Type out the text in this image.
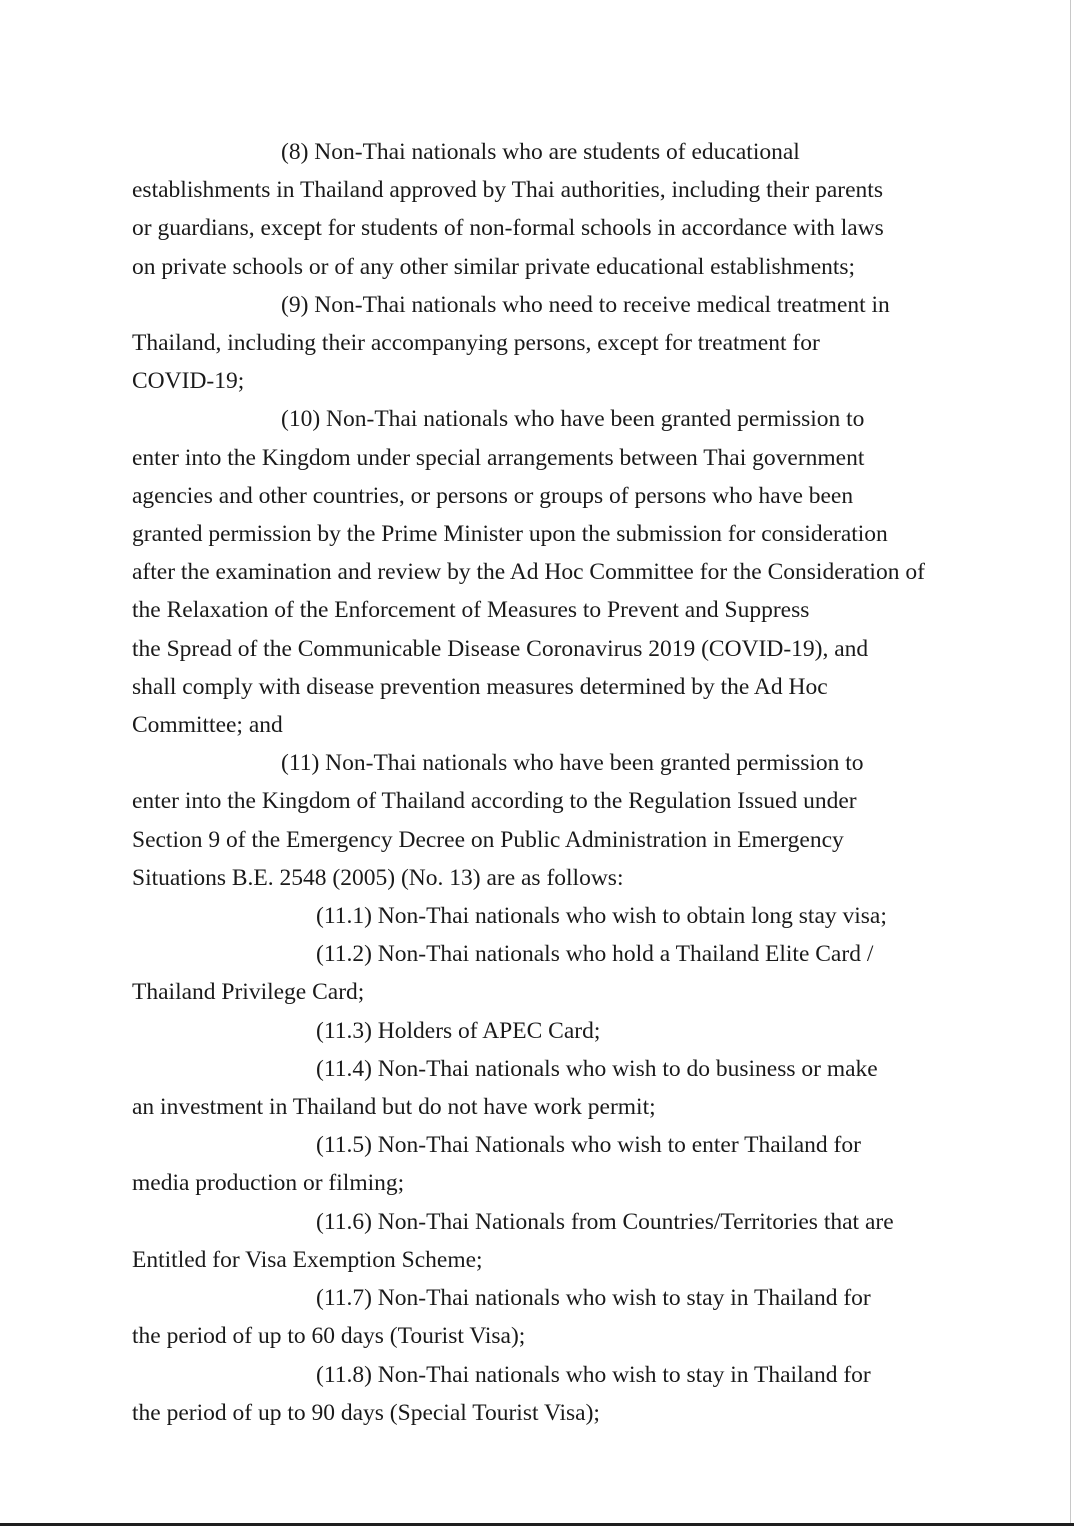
(8) Non-Thai nationals who are students of educational
establishments in Thailand approved by Thai authorities, including their parents
or guardians, except for students of non-formal schools in accordance with laws
on private schools or of any other similar private educational establishments;
(9) Non-Thai nationals who need to receive medical treatment in
Thailand, including their accompanying persons, except for treatment for
COVID-19;
(10) Non-Thai nationals who have been granted permission to
enter into the Kingdom under special arrangements between Thai government
agencies and other countries, or persons or groups of persons who have been
granted permission by the Prime Minister upon the submission for consideration
after the examination and review by the Ad Hoc Committee for the Consideration of
the Relaxation of the Enforcement of Measures to Prevent and Suppress
the Spread of the Communicable Disease Coronavirus 2019 (COVID-19), and
shall comply with disease prevention measures determined by the Ad Hoc
Committee; and
(11) Non-Thai nationals who have been granted permission to
enter into the Kingdom of Thailand according to the Regulation Issued under
Section 9 of the Emergency Decree on Public Administration in Emergency
Situations B.E. 2548 (2005) (No. 13) are as follows:
(11.1) Non-Thai nationals who wish to obtain long stay visa;
(11.2) Non-Thai nationals who hold a Thailand Elite Card /
Thailand Privilege Card;
(11.3) Holders of APEC Card;
(11.4) Non-Thai nationals who wish to do business or make
an investment in Thailand but do not have work permit;
(11.5) Non-Thai Nationals who wish to enter Thailand for
media production or filming;
(11.6) Non-Thai Nationals from Countries/Territories that are
Entitled for Visa Exemption Scheme;
(11.7) Non-Thai nationals who wish to stay in Thailand for
the period of up to 60 days (Tourist Visa);
(11.8) Non-Thai nationals who wish to stay in Thailand for
the period of up to 90 days (Special Tourist Visa);
